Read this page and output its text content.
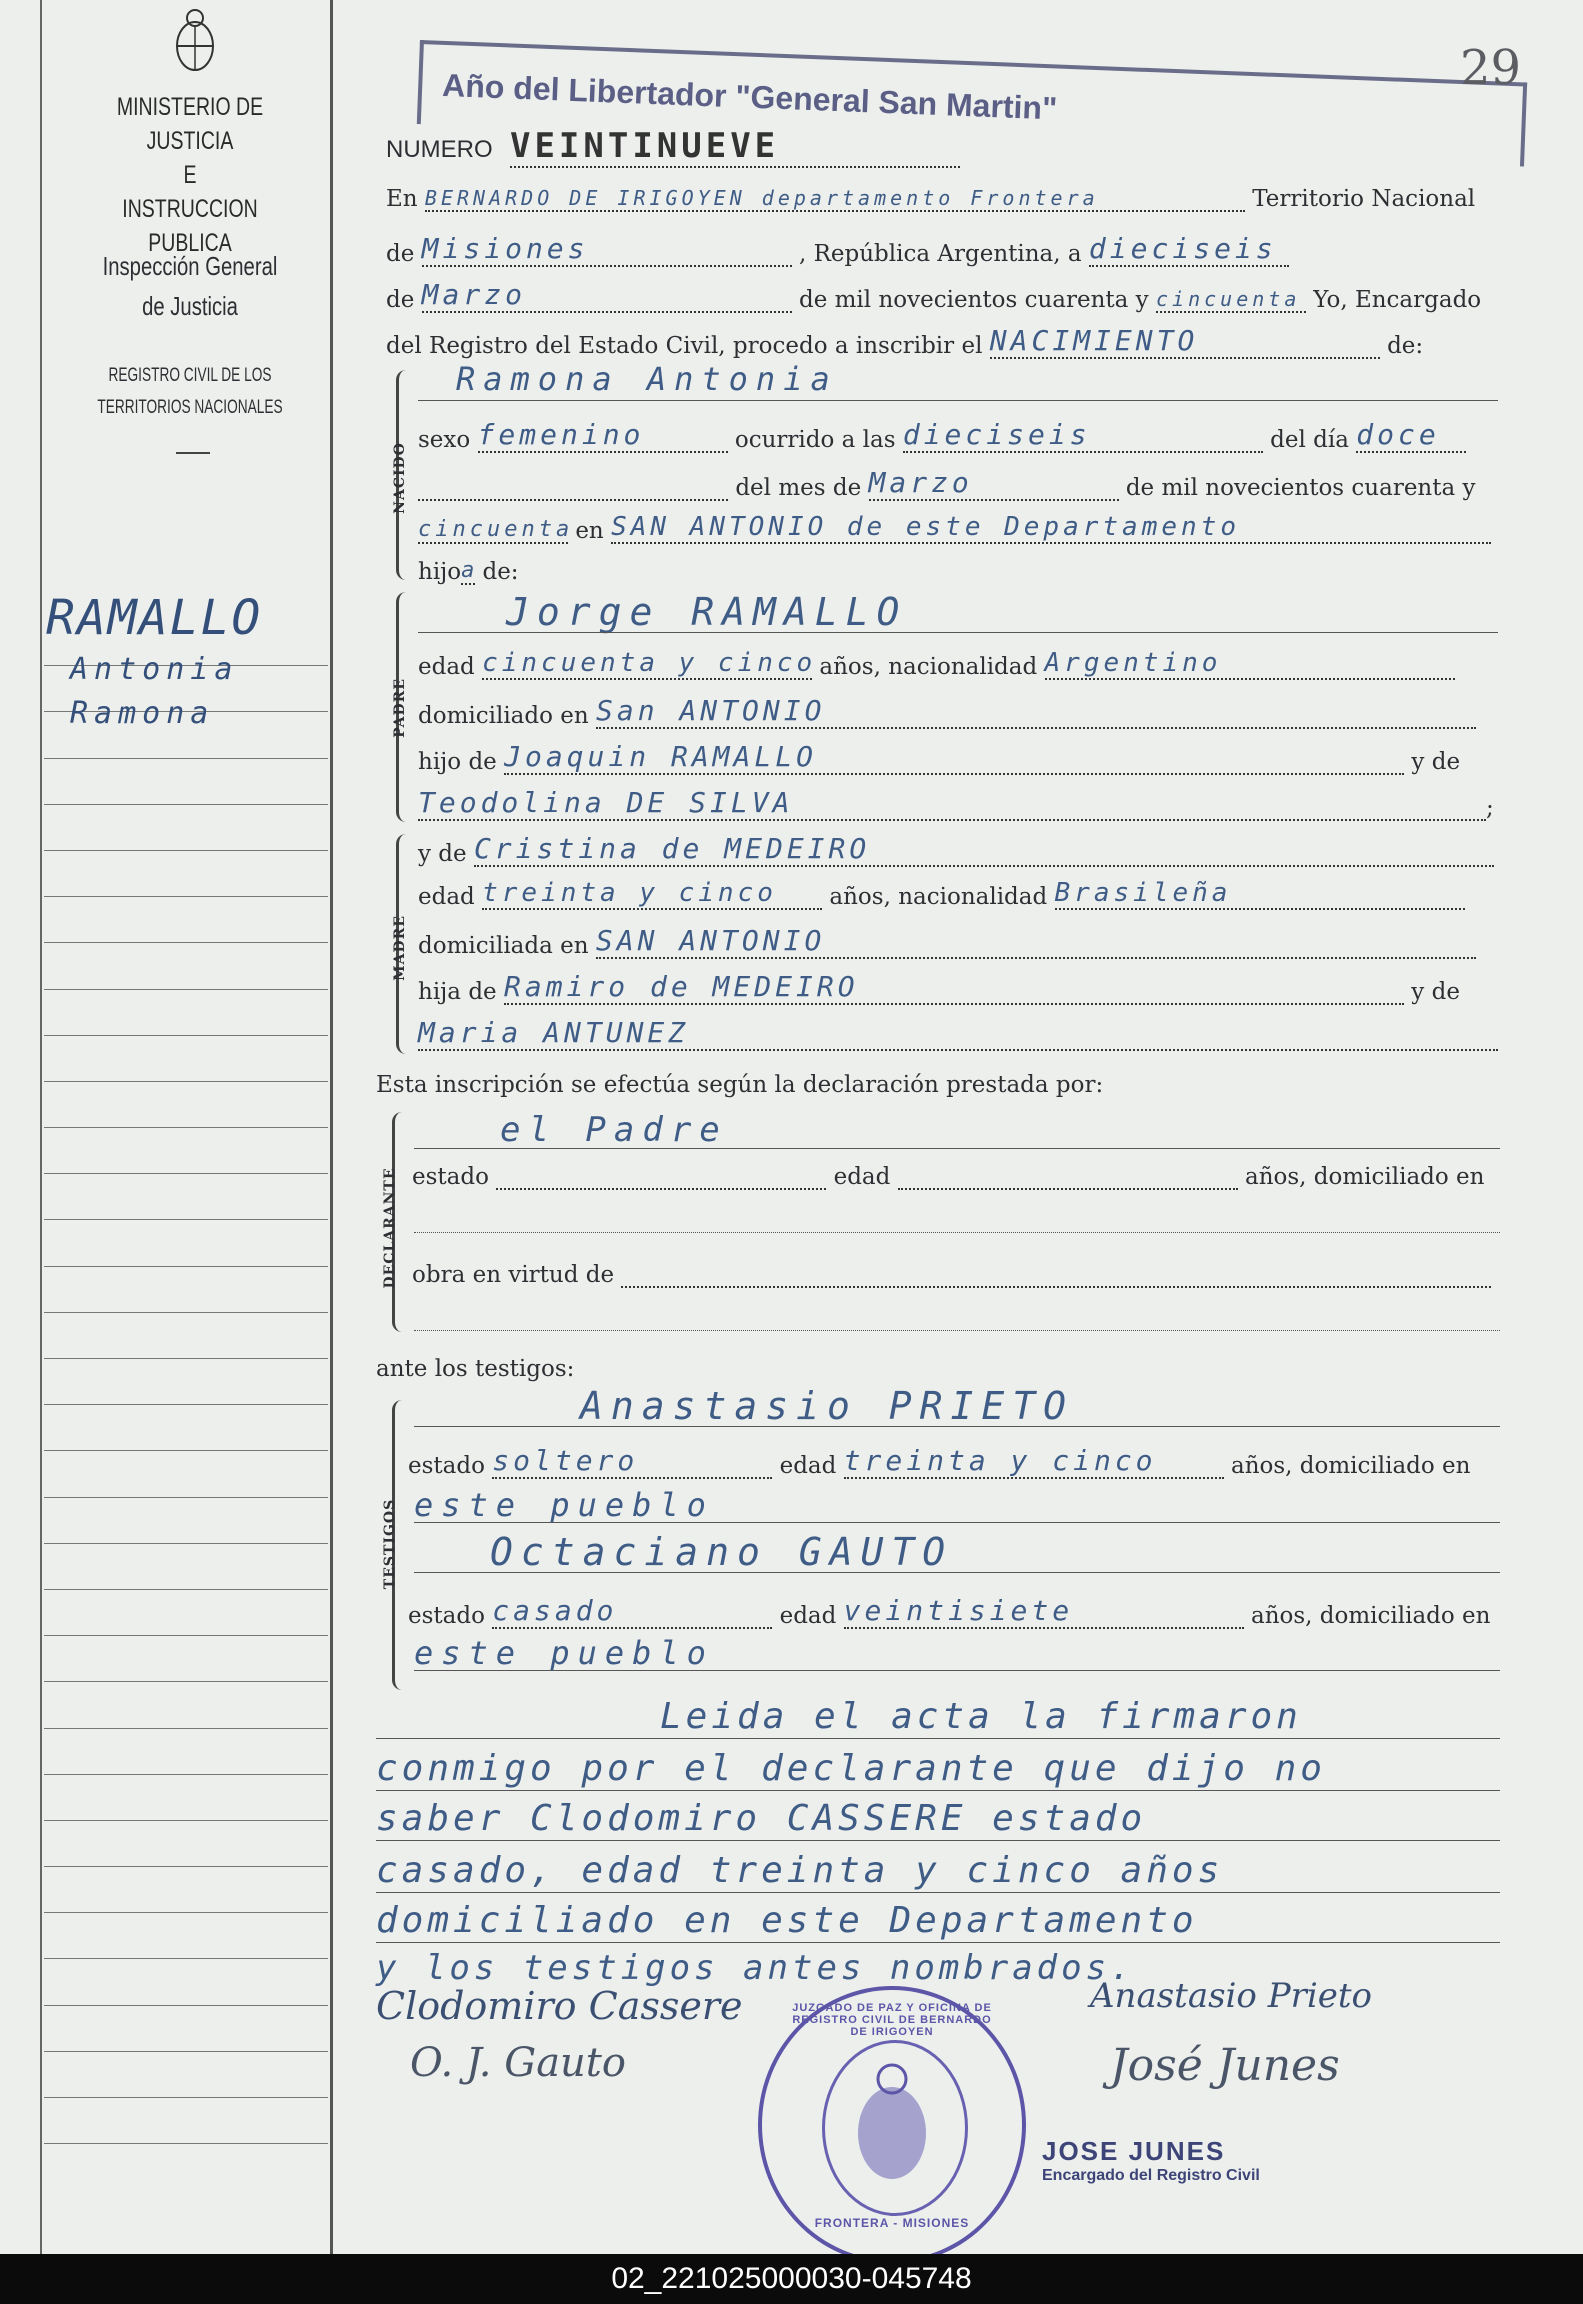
MINISTERIO DE JUSTICIA
E
INSTRUCCION PUBLICA
Inspección General
de Justicia
REGISTRO CIVIL DE LOS
TERRITORIOS NACIONALES
RAMALLO
Antonia
Ramona
Año del Libertador "General San Martin"	29
NUMERO VEINTINUEVE
En BERNARDO DE IRIGOYEN departamento Frontera	Territorio Nacional
de Misiones	, República Argentina, a dieciseis
de Marzo	de mil novecientos cuarenta y cincuenta Yo, Encargado
del Registro del Estado Civil, procedo a inscribir el NACIMIENTO	de:
NACIDO
Ramona Antonia
sexo femenino	ocurrido a las dieciseis	del día doce
del mes de Marzo	de mil novecientos cuarenta y
cincuenta en SAN ANTONIO de este Departamento
hijoa de:
PADRE
Jorge RAMALLO
edad cincuenta y cinco años, nacionalidad Argentino
domiciliado en San ANTONIO
hijo de Joaquin RAMALLO	y de
Teodolina DE SILVA	;
MADRE
y de Cristina de MEDEIRO
edad treinta y cinco años, nacionalidad Brasileña
domiciliada en SAN ANTONIO
hija de Ramiro de MEDEIRO	y de
Maria ANTUNEZ
Esta inscripción se efectúa según la declaración prestada por:
DECLARANTE
el Padre
estado	edad	años, domiciliado en
obra en virtud de
ante los testigos:
TESTIGOS
Anastasio PRIETO
estado soltero	edad treinta y cinco	años, domiciliado en
este pueblo
Octaciano GAUTO
estado casado	edad veintisiete	años, domiciliado en
este pueblo
Leida el acta la firmaron
conmigo por el declarante que dijo no
saber Clodomiro CASSERE estado
casado, edad treinta y cinco años
domiciliado en este Departamento
y los testigos antes nombrados.
Clodomiro Cassere	Anastasio Prieto
O. J. Gauto	José Junes
JUZGADO DE PAZ Y OFICINA DE REGISTRO CIVIL DE BERNARDO DE IRIGOYEN
FRONTERA - MISIONES
JOSE JUNES
Encargado del Registro Civil
02_221025000030-045748
